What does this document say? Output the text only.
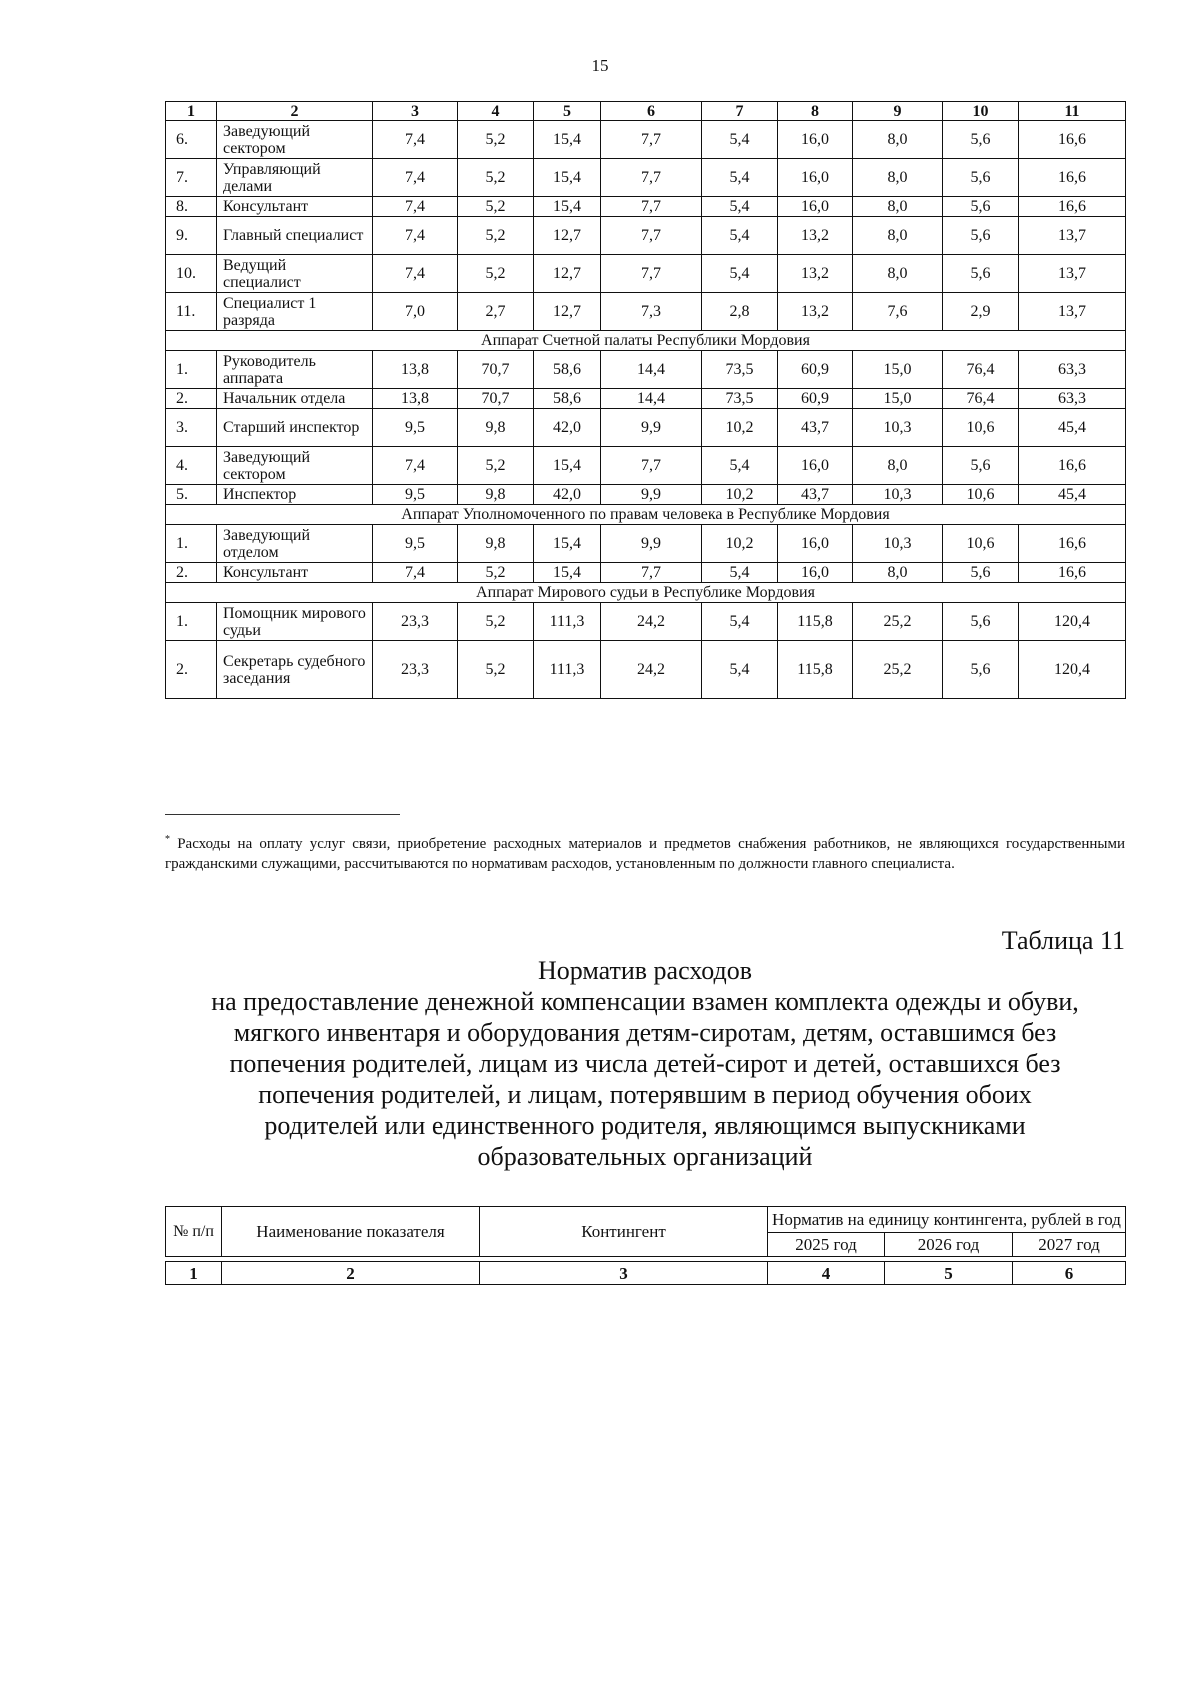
15
1	2	3	4	5	6	7	8	9	10	11
6.	Заведующий сектором	7,4	5,2	15,4	7,7	5,4	16,0	8,0	5,6	16,6
7.	Управляющий делами	7,4	5,2	15,4	7,7	5,4	16,0	8,0	5,6	16,6
8.	Консультант	7,4	5,2	15,4	7,7	5,4	16,0	8,0	5,6	16,6
9.	Главный специалист	7,4	5,2	12,7	7,7	5,4	13,2	8,0	5,6	13,7
10.	Ведущий специалист	7,4	5,2	12,7	7,7	5,4	13,2	8,0	5,6	13,7
11.	Специалист 1 разряда	7,0	2,7	12,7	7,3	2,8	13,2	7,6	2,9	13,7
Аппарат Счетной палаты Республики Мордовия										
1.	Руководитель аппарата	13,8	70,7	58,6	14,4	73,5	60,9	15,0	76,4	63,3
2.	Начальник отдела	13,8	70,7	58,6	14,4	73,5	60,9	15,0	76,4	63,3
3.	Старший инспектор	9,5	9,8	42,0	9,9	10,2	43,7	10,3	10,6	45,4
4.	Заведующий сектором	7,4	5,2	15,4	7,7	5,4	16,0	8,0	5,6	16,6
5.	Инспектор	9,5	9,8	42,0	9,9	10,2	43,7	10,3	10,6	45,4
Аппарат Уполномоченного по правам человека в Республике Мордовия										
1.	Заведующий отделом	9,5	9,8	15,4	9,9	10,2	16,0	10,3	10,6	16,6
2.	Консультант	7,4	5,2	15,4	7,7	5,4	16,0	8,0	5,6	16,6
Аппарат Мирового судьи в Республике Мордовия										
1.	Помощник мирового судьи	23,3	5,2	111,3	24,2	5,4	115,8	25,2	5,6	120,4
2.	Секретарь судебного заседания	23,3	5,2	111,3	24,2	5,4	115,8	25,2	5,6	120,4
* Расходы на оплату услуг связи, приобретение расходных материалов и предметов снабжения работников, не являющихся государственными гражданскими служащими, рассчитываются по нормативам расходов, установленным по должности главного специалиста.
Таблица 11
Норматив расходов
на предоставление денежной компенсации взамен комплекта одежды и обуви,
мягкого инвентаря и оборудования детям-сиротам, детям, оставшимся без
попечения родителей, лицам из числа детей-сирот и детей, оставшихся без
попечения родителей, и лицам, потерявшим в период обучения обоих
родителей или единственного родителя, являющимся выпускниками
образовательных организаций
№ п/п	Наименование показателя	Контингент	Норматив на единицу контингента, рублей в год		
			2025 год	2026 год	2027 год

1	2	3	4	5	6
